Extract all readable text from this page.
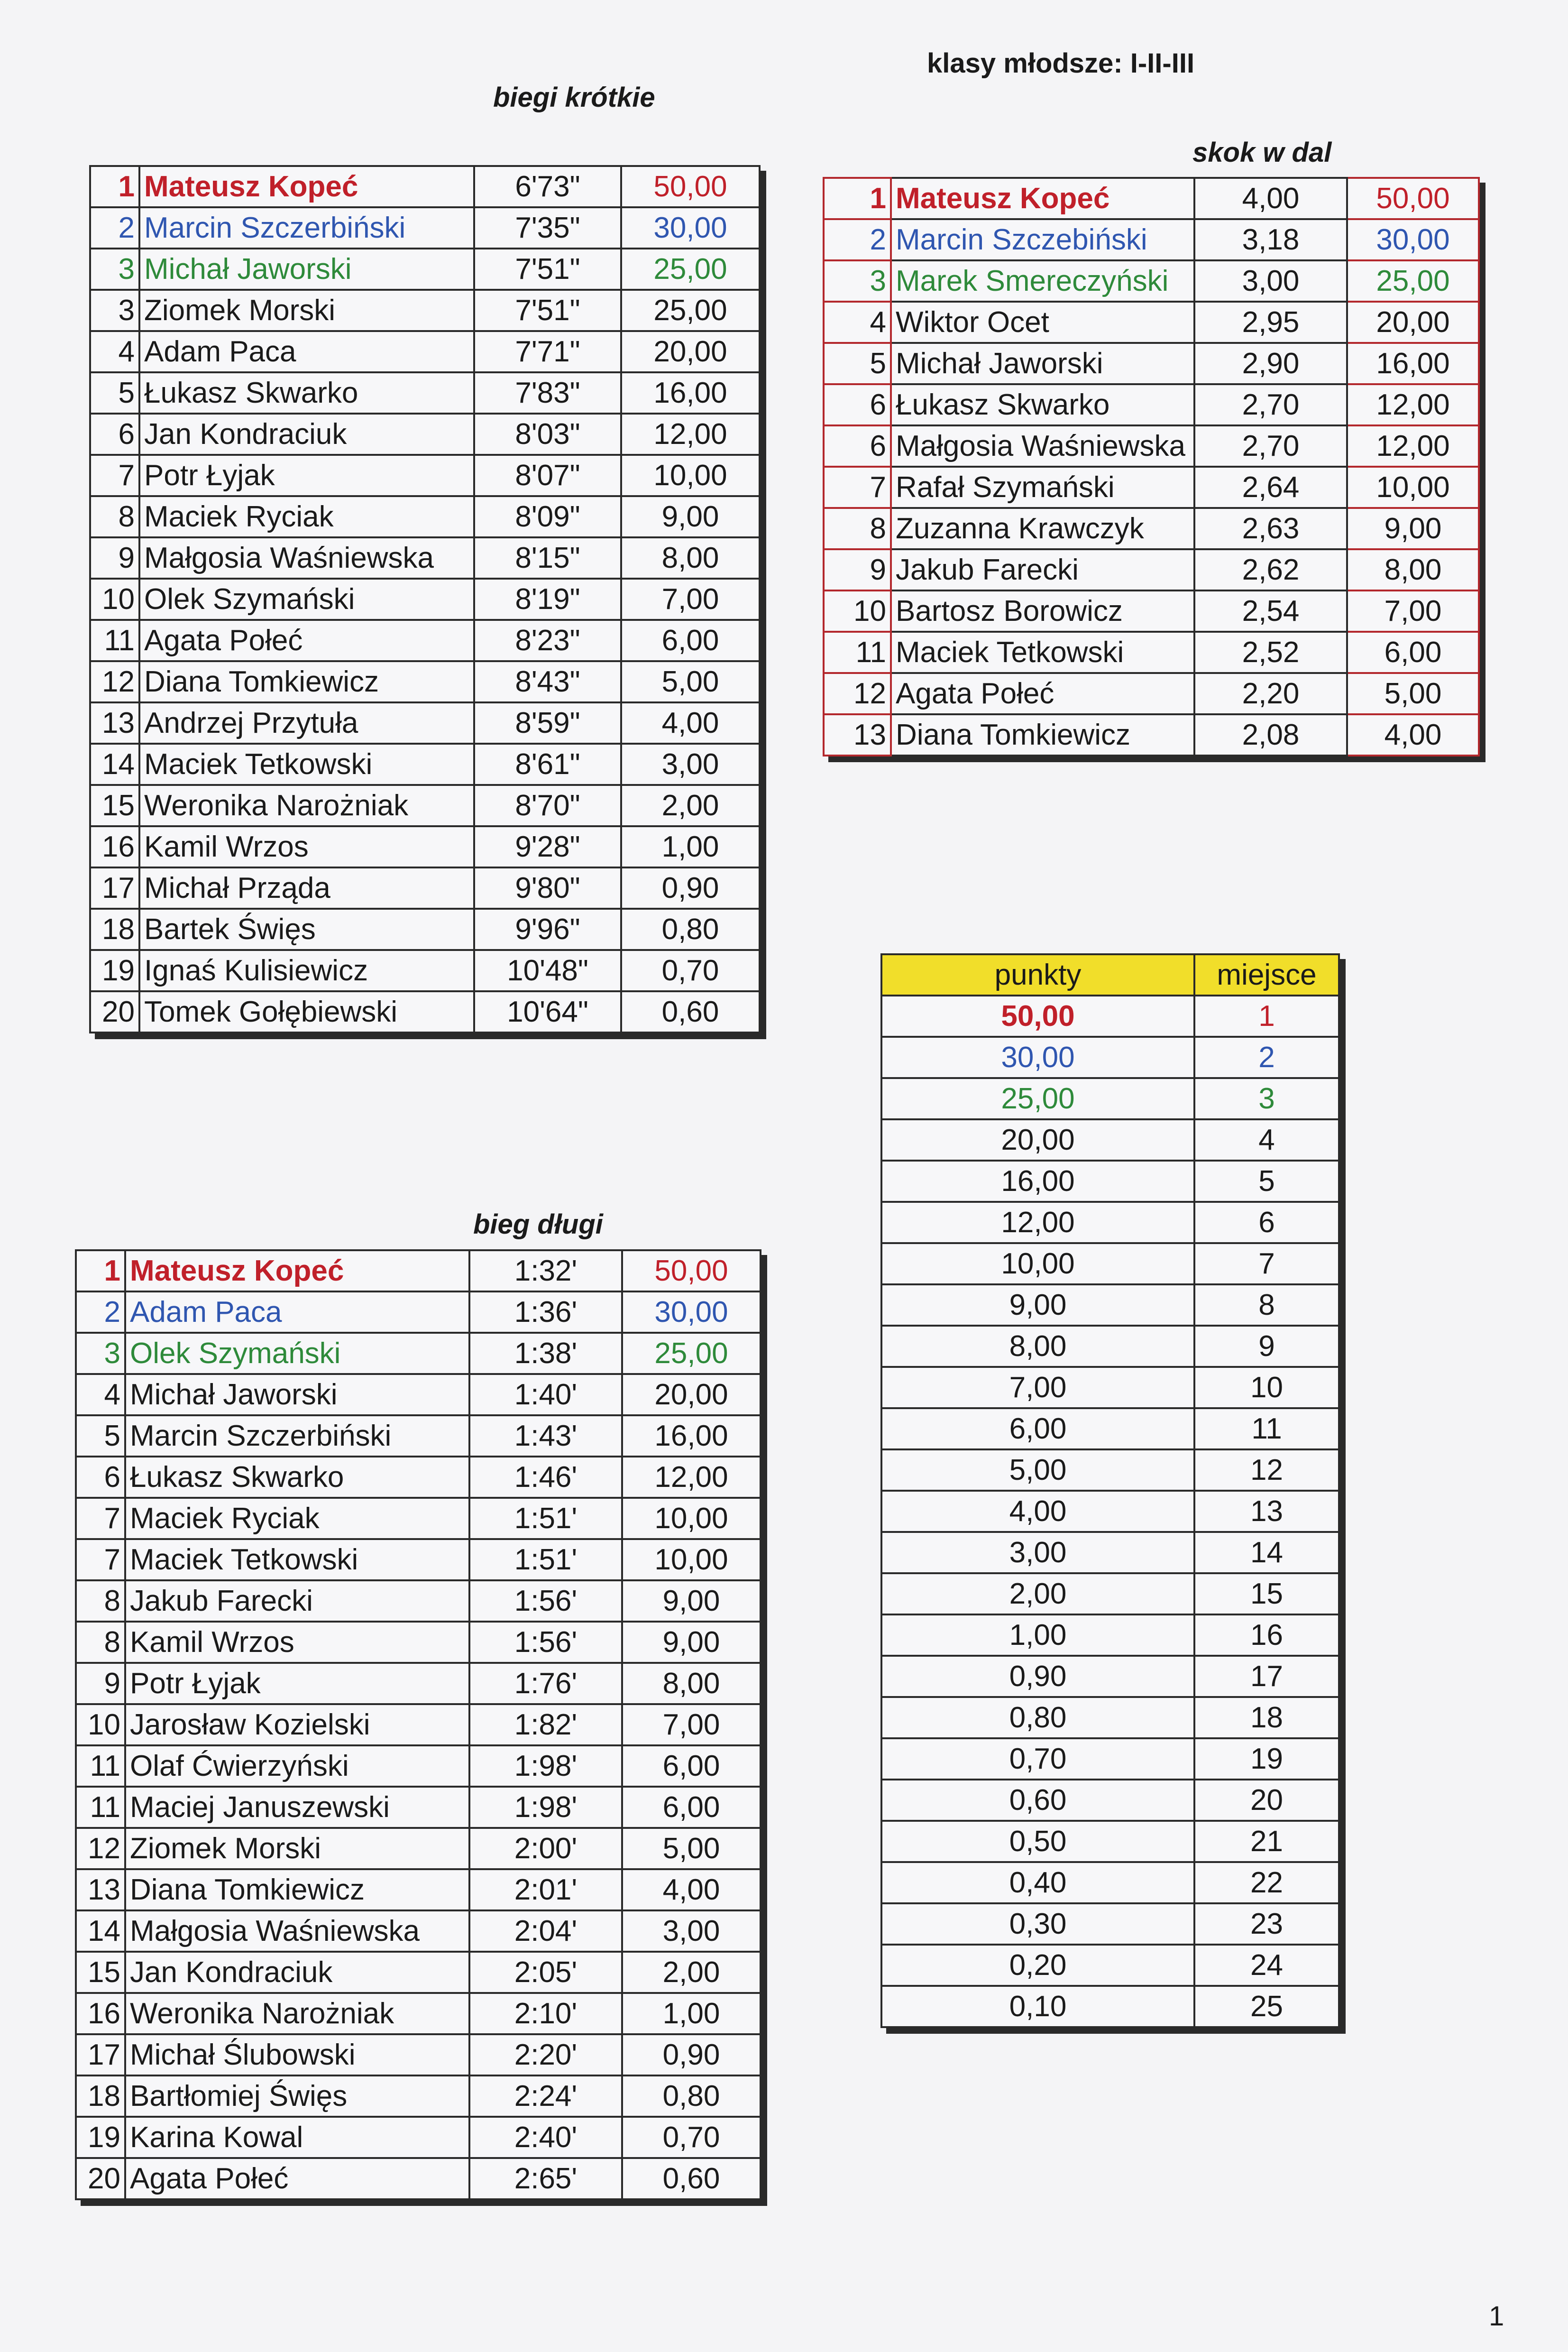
klasy młodsze: I-II-III
biegi krótkie
skok w dal
bieg długi
1	Mateusz Kopeć	6'73"	50,00
2	Marcin Szczerbiński	7'35"	30,00
3	Michał Jaworski	7'51"	25,00
3	Ziomek Morski	7'51"	25,00
4	Adam Paca	7'71"	20,00
5	Łukasz Skwarko	7'83"	16,00
6	Jan Kondraciuk	8'03"	12,00
7	Potr Łyjak	8'07"	10,00
8	Maciek Ryciak	8'09"	9,00
9	Małgosia Waśniewska	8'15"	8,00
10	Olek Szymański	8'19"	7,00
11	Agata Połeć	8'23"	6,00
12	Diana Tomkiewicz	8'43"	5,00
13	Andrzej Przytuła	8'59"	4,00
14	Maciek Tetkowski	8'61"	3,00
15	Weronika Narożniak	8'70"	2,00
16	Kamil Wrzos	9'28"	1,00
17	Michał Prząda	9'80"	0,90
18	Bartek Święs	9'96"	0,80
19	Ignaś Kulisiewicz	10'48"	0,70
20	Tomek Gołębiewski	10'64"	0,60
1	Mateusz Kopeć	4,00	50,00
2	Marcin Szczebiński	3,18	30,00
3	Marek Smereczyński	3,00	25,00
4	Wiktor Ocet	2,95	20,00
5	Michał Jaworski	2,90	16,00
6	Łukasz Skwarko	2,70	12,00
6	Małgosia Waśniewska	2,70	12,00
7	Rafał Szymański	2,64	10,00
8	Zuzanna Krawczyk	2,63	9,00
9	Jakub Farecki	2,62	8,00
10	Bartosz Borowicz	2,54	7,00
11	Maciek Tetkowski	2,52	6,00
12	Agata Połeć	2,20	5,00
13	Diana Tomkiewicz	2,08	4,00
1	Mateusz Kopeć	1:32'	50,00
2	Adam Paca	1:36'	30,00
3	Olek Szymański	1:38'	25,00
4	Michał Jaworski	1:40'	20,00
5	Marcin Szczerbiński	1:43'	16,00
6	Łukasz Skwarko	1:46'	12,00
7	Maciek Ryciak	1:51'	10,00
7	Maciek Tetkowski	1:51'	10,00
8	Jakub Farecki	1:56'	9,00
8	Kamil Wrzos	1:56'	9,00
9	Potr Łyjak	1:76'	8,00
10	Jarosław Kozielski	1:82'	7,00
11	Olaf Ćwierzyński	1:98'	6,00
11	Maciej Januszewski	1:98'	6,00
12	Ziomek Morski	2:00'	5,00
13	Diana Tomkiewicz	2:01'	4,00
14	Małgosia Waśniewska	2:04'	3,00
15	Jan Kondraciuk	2:05'	2,00
16	Weronika Narożniak	2:10'	1,00
17	Michał Ślubowski	2:20'	0,90
18	Bartłomiej Święs	2:24'	0,80
19	Karina Kowal	2:40'	0,70
20	Agata Połeć	2:65'	0,60
punkty	miejsce
50,00	1
30,00	2
25,00	3
20,00	4
16,00	5
12,00	6
10,00	7
9,00	8
8,00	9
7,00	10
6,00	11
5,00	12
4,00	13
3,00	14
2,00	15
1,00	16
0,90	17
0,80	18
0,70	19
0,60	20
0,50	21
0,40	22
0,30	23
0,20	24
0,10	25
1
